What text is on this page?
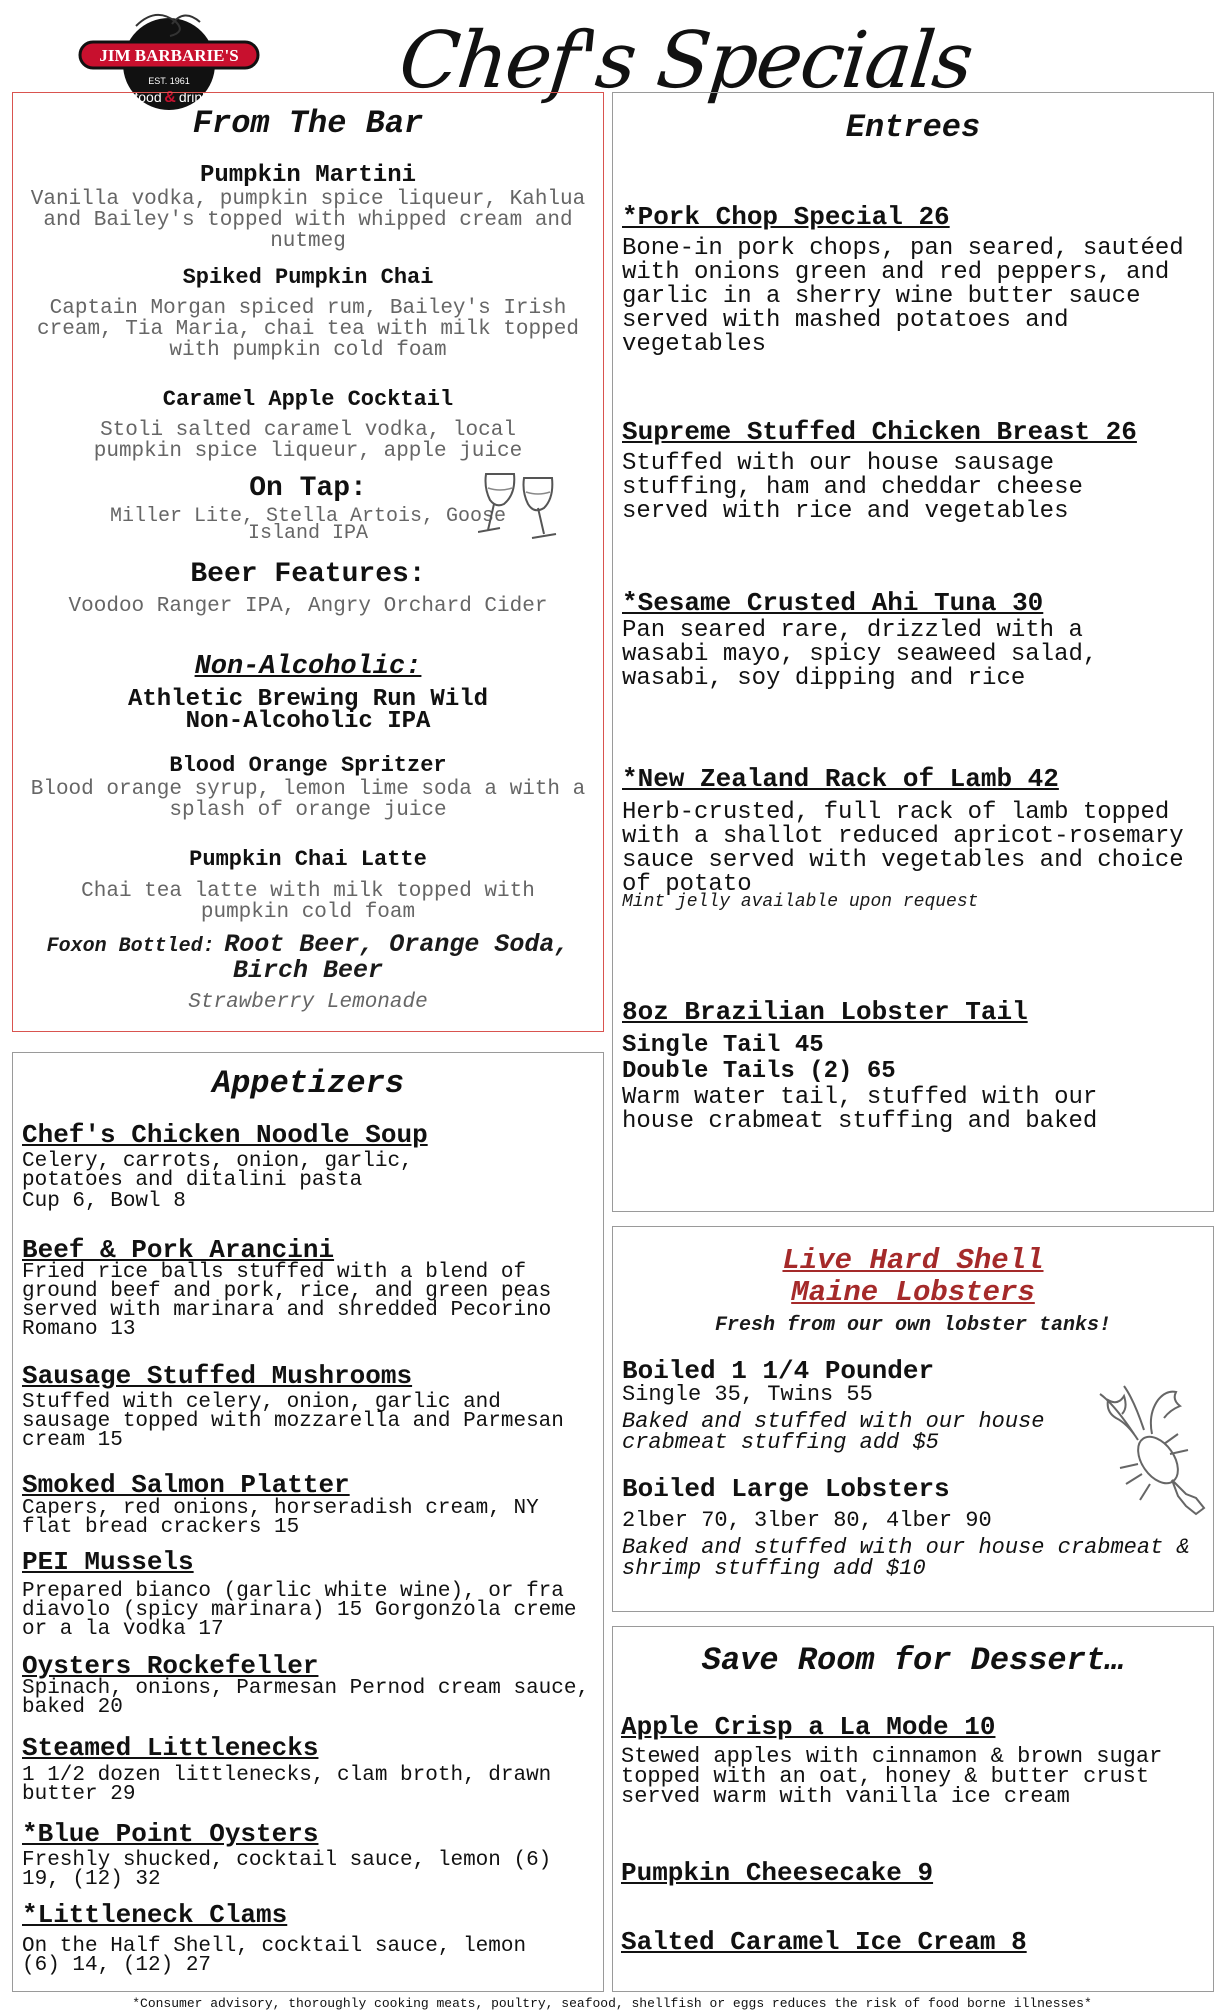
JIM BARBARIE'S
EST. 1961
food & drink Chef's Specials
From The Bar
Pumpkin Martini
Vanilla vodka, pumpkin spice liqueur, Kahlua and Bailey's topped with whipped cream and nutmeg
Spiked Pumpkin Chai
Captain Morgan spiced rum, Bailey's Irish cream, Tia Maria, chai tea with milk topped with pumpkin cold foam
Caramel Apple Cocktail
Stoli salted caramel vodka, local pumpkin spice liqueur, apple juice
On Tap:
Miller Lite, Stella Artois, Goose Island IPA
Beer Features:
Voodoo Ranger IPA, Angry Orchard Cider
Non-Alcoholic:
Athletic Brewing Run Wild Non-Alcoholic IPA
Blood Orange Spritzer
Blood orange syrup, lemon lime soda a with a splash of orange juice
Pumpkin Chai Latte
Chai tea latte with milk topped with pumpkin cold foam
Foxon Bottled: Root Beer, Orange Soda, Birch Beer
Strawberry Lemonade
Entrees
*Pork Chop Special 26
Bone-in pork chops, pan seared, sautéed with onions green and red peppers, and garlic in a sherry wine butter sauce served with mashed potatoes and vegetables
Supreme Stuffed Chicken Breast 26
Stuffed with our house sausage stuffing, ham and cheddar cheese served with rice and vegetables
*Sesame Crusted Ahi Tuna 30
Pan seared rare, drizzled with a wasabi mayo, spicy seaweed salad, wasabi, soy dipping and rice
*New Zealand Rack of Lamb 42
Herb-crusted, full rack of lamb topped with a shallot reduced apricot-rosemary sauce served with vegetables and choice of potato
Mint jelly available upon request
8oz Brazilian Lobster Tail
Single Tail 45
Double Tails (2) 65
Warm water tail, stuffed with our house crabmeat stuffing and baked
Live Hard Shell
Maine Lobsters
Fresh from our own lobster tanks!
Boiled 1 1/4 Pounder
Single 35, Twins 55
Baked and stuffed with our house crabmeat stuffing add $5
Boiled Large Lobsters
2lber 70, 3lber 80, 4lber 90
Baked and stuffed with our house crabmeat & shrimp stuffing add $10
Appetizers
Chef's Chicken Noodle Soup
Celery, carrots, onion, garlic, potatoes and ditalini pasta
Cup 6, Bowl 8
Beef & Pork Arancini
Fried rice balls stuffed with a blend of ground beef and pork, rice, and green peas served with marinara and shredded Pecorino Romano 13
Sausage Stuffed Mushrooms
Stuffed with celery, onion, garlic and sausage topped with mozzarella and Parmesan cream 15
Smoked Salmon Platter
Capers, red onions, horseradish cream, NY flat bread crackers 15
PEI Mussels
Prepared bianco (garlic white wine), or fra diavolo (spicy marinara) 15 Gorgonzola creme or a la vodka 17
Oysters Rockefeller
Spinach, onions, Parmesan Pernod cream sauce, baked 20
Steamed Littlenecks
1 1/2 dozen littlenecks, clam broth, drawn butter 29
*Blue Point Oysters
Freshly shucked, cocktail sauce, lemon (6) 19, (12) 32
*Littleneck Clams
On the Half Shell, cocktail sauce, lemon (6) 14, (12) 27
Save Room for Dessert…
Apple Crisp a La Mode 10
Stewed apples with cinnamon & brown sugar topped with an oat, honey & butter crust served warm with vanilla ice cream
Pumpkin Cheesecake 9
Salted Caramel Ice Cream 8
*Consumer advisory, thoroughly cooking meats, poultry, seafood, shellfish or eggs reduces the risk of food borne illnesses*
